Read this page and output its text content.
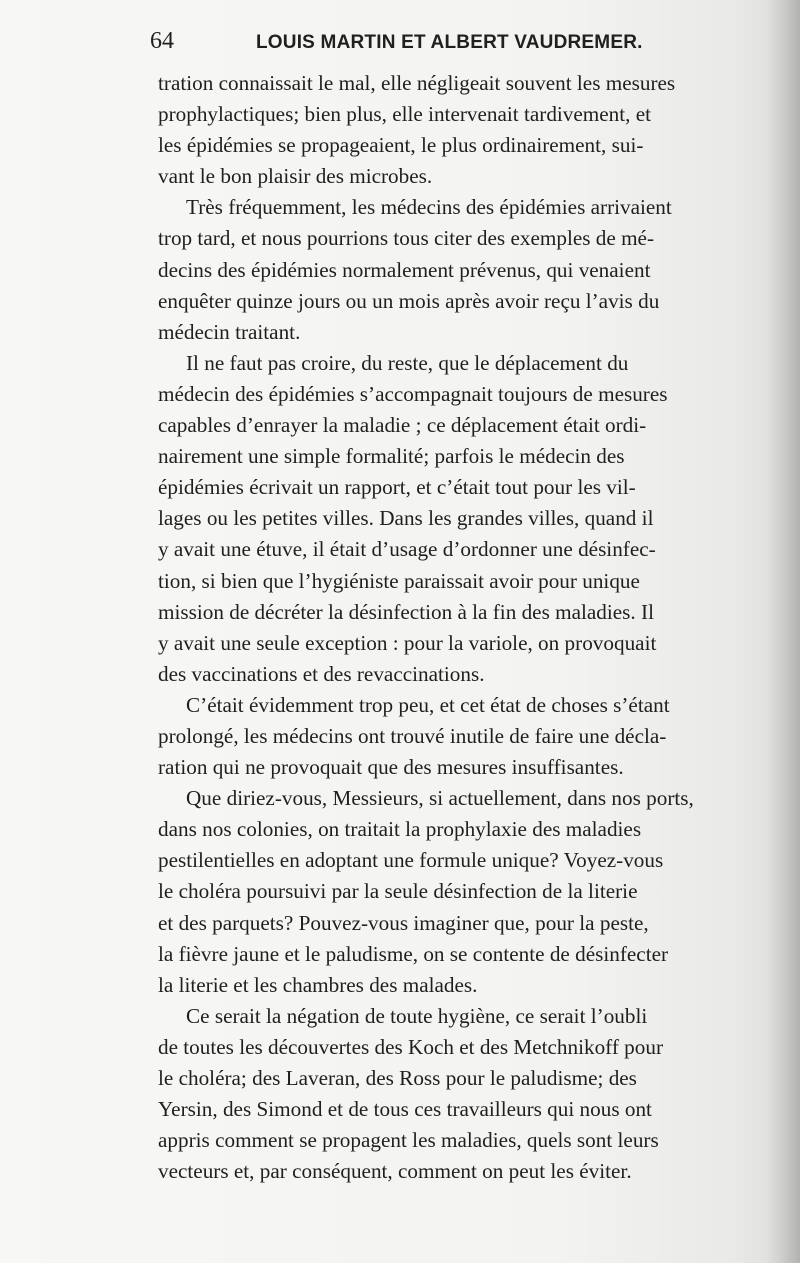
64	LOUIS MARTIN ET ALBERT VAUDREMER.

tration connaissait le mal, elle négligeait souvent les mesures
prophylactiques; bien plus, elle intervenait tardivement, et
les épidémies se propageaient, le plus ordinairement, sui-
vant le bon plaisir des microbes.

Très fréquemment, les médecins des épidémies arrivaient
trop tard, et nous pourrions tous citer des exemples de mé-
decins des épidémies normalement prévenus, qui venaient
enquêter quinze jours ou un mois après avoir reçu l’avis du
médecin traitant.

Il ne faut pas croire, du reste, que le déplacement du
médecin des épidémies s’accompagnait toujours de mesures
capables d’enrayer la maladie ; ce déplacement était ordi-
nairement une simple formalité; parfois le médecin des
épidémies écrivait un rapport, et c’était tout pour les vil-
lages ou les petites villes. Dans les grandes villes, quand il
y avait une étuve, il était d’usage d’ordonner une désinfec-
tion, si bien que l’hygiéniste paraissait avoir pour unique
mission de décréter la désinfection à la fin des maladies. Il
y avait une seule exception : pour la variole, on provoquait
des vaccinations et des revaccinations.

C’était évidemment trop peu, et cet état de choses s’étant
prolongé, les médecins ont trouvé inutile de faire une décla-
ration qui ne provoquait que des mesures insuffisantes.

Que diriez-vous, Messieurs, si actuellement, dans nos ports,
dans nos colonies, on traitait la prophylaxie des maladies
pestilentielles en adoptant une formule unique? Voyez-vous
le choléra poursuivi par la seule désinfection de la literie
et des parquets? Pouvez-vous imaginer que, pour la peste,
la fièvre jaune et le paludisme, on se contente de désinfecter
la literie et les chambres des malades.

Ce serait la négation de toute hygiène, ce serait l’oubli
de toutes les découvertes des Koch et des Metchnikoff pour
le choléra; des Laveran, des Ross pour le paludisme; des
Yersin, des Simond et de tous ces travailleurs qui nous ont
appris comment se propagent les maladies, quels sont leurs
vecteurs et, par conséquent, comment on peut les éviter.
